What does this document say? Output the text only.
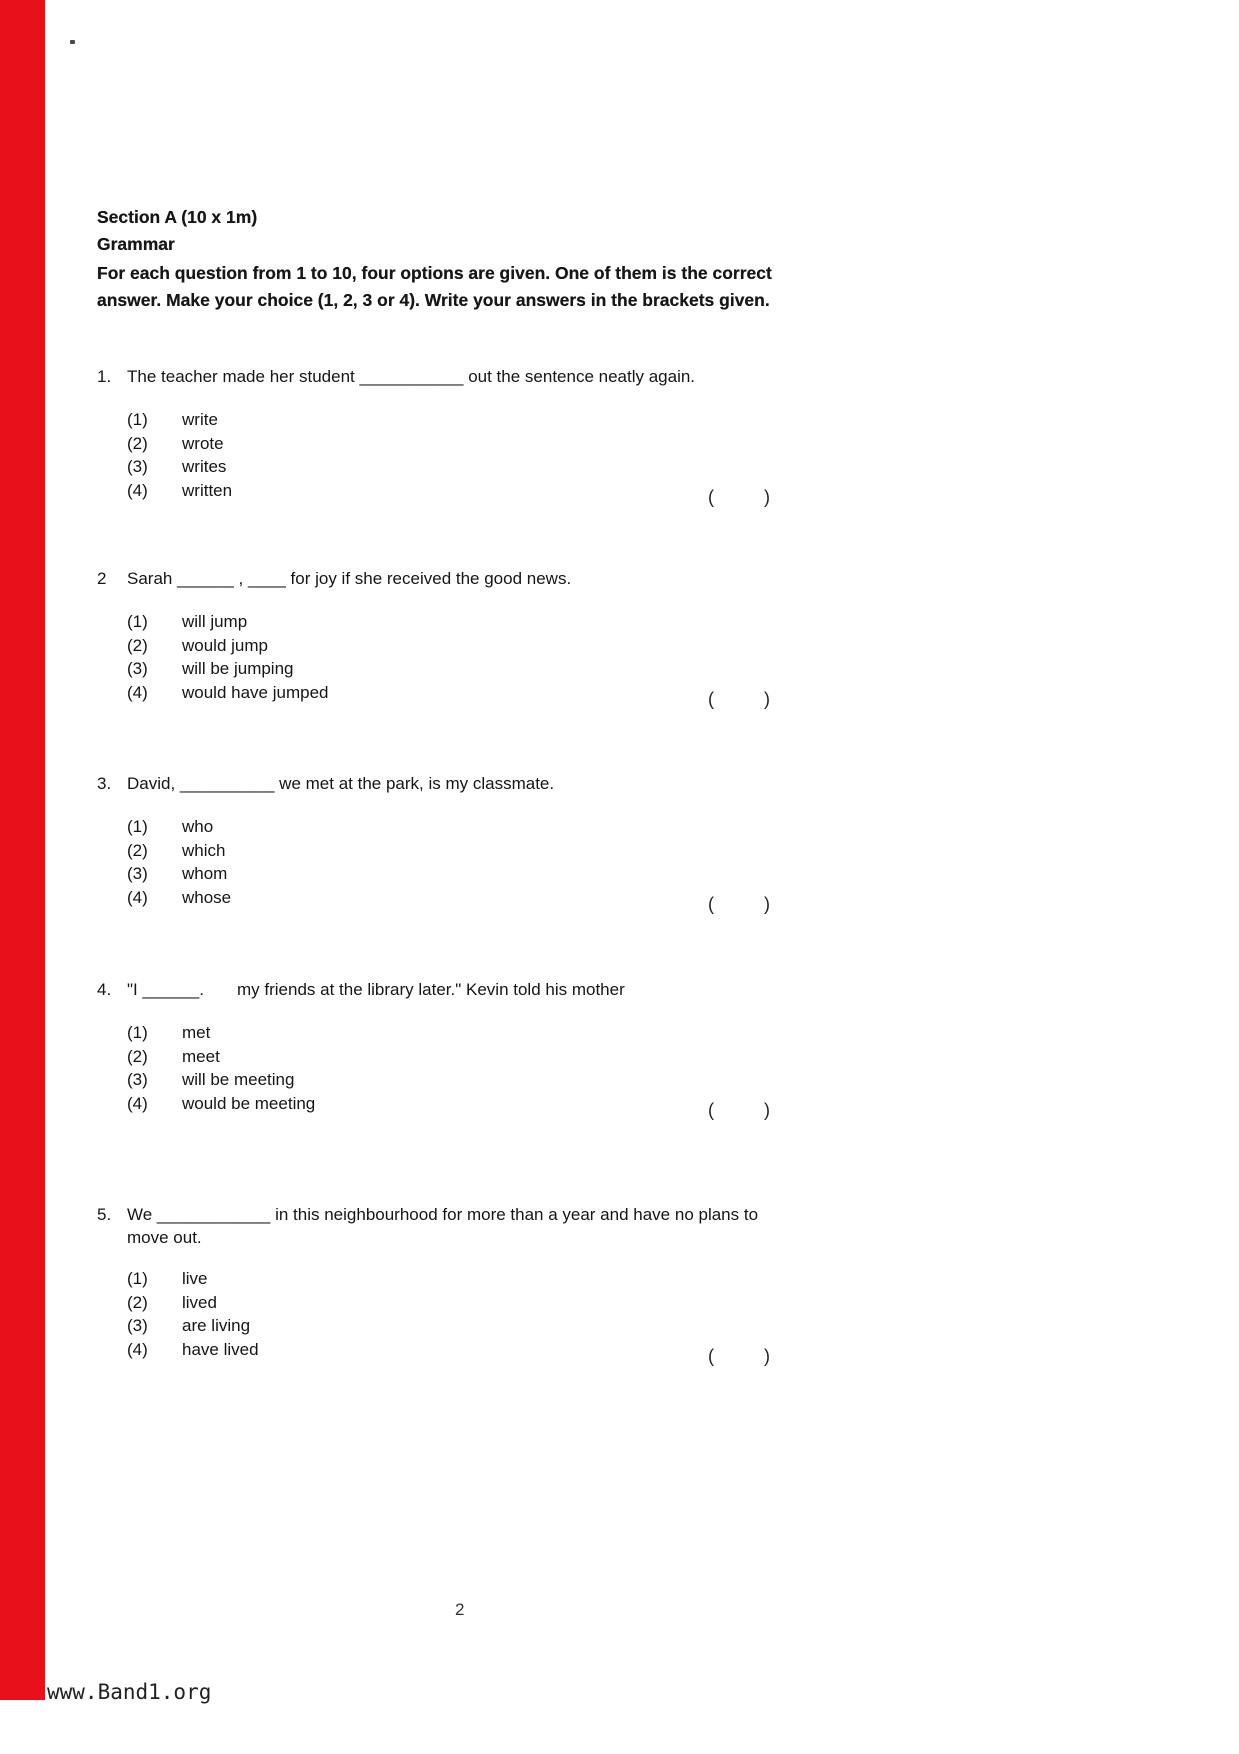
Section A (10 x 1m)
Grammar
For each question from 1 to 10, four options are given. One of them is the correct
answer. Make your choice (1, 2, 3 or 4). Write your answers in the brackets given.
1. The teacher made her student ___________ out the sentence neatly again.
(1)	write
(2)	wrote
(3)	writes
(4)	written	(	)
2	Sarah ______ , ____ for joy if she received the good news.
(1)	will jump
(2)	would jump
(3)	will be jumping
(4)	would have jumped	(	)
3. David, __________ we met at the park, is my classmate.
(1)	who
(2)	which
(3)	whom
(4)	whose	(	)
4. "I ______.       my friends at the library later." Kevin told his mother
(1)	met
(2)	meet
(3)	will be meeting
(4)	would be meeting	(	)
5. We ____________ in this neighbourhood for more than a year and have no plans to
move out.
(1)	live
(2)	lived
(3)	are living
(4)	have lived	(	)
2
www.Band1.org
